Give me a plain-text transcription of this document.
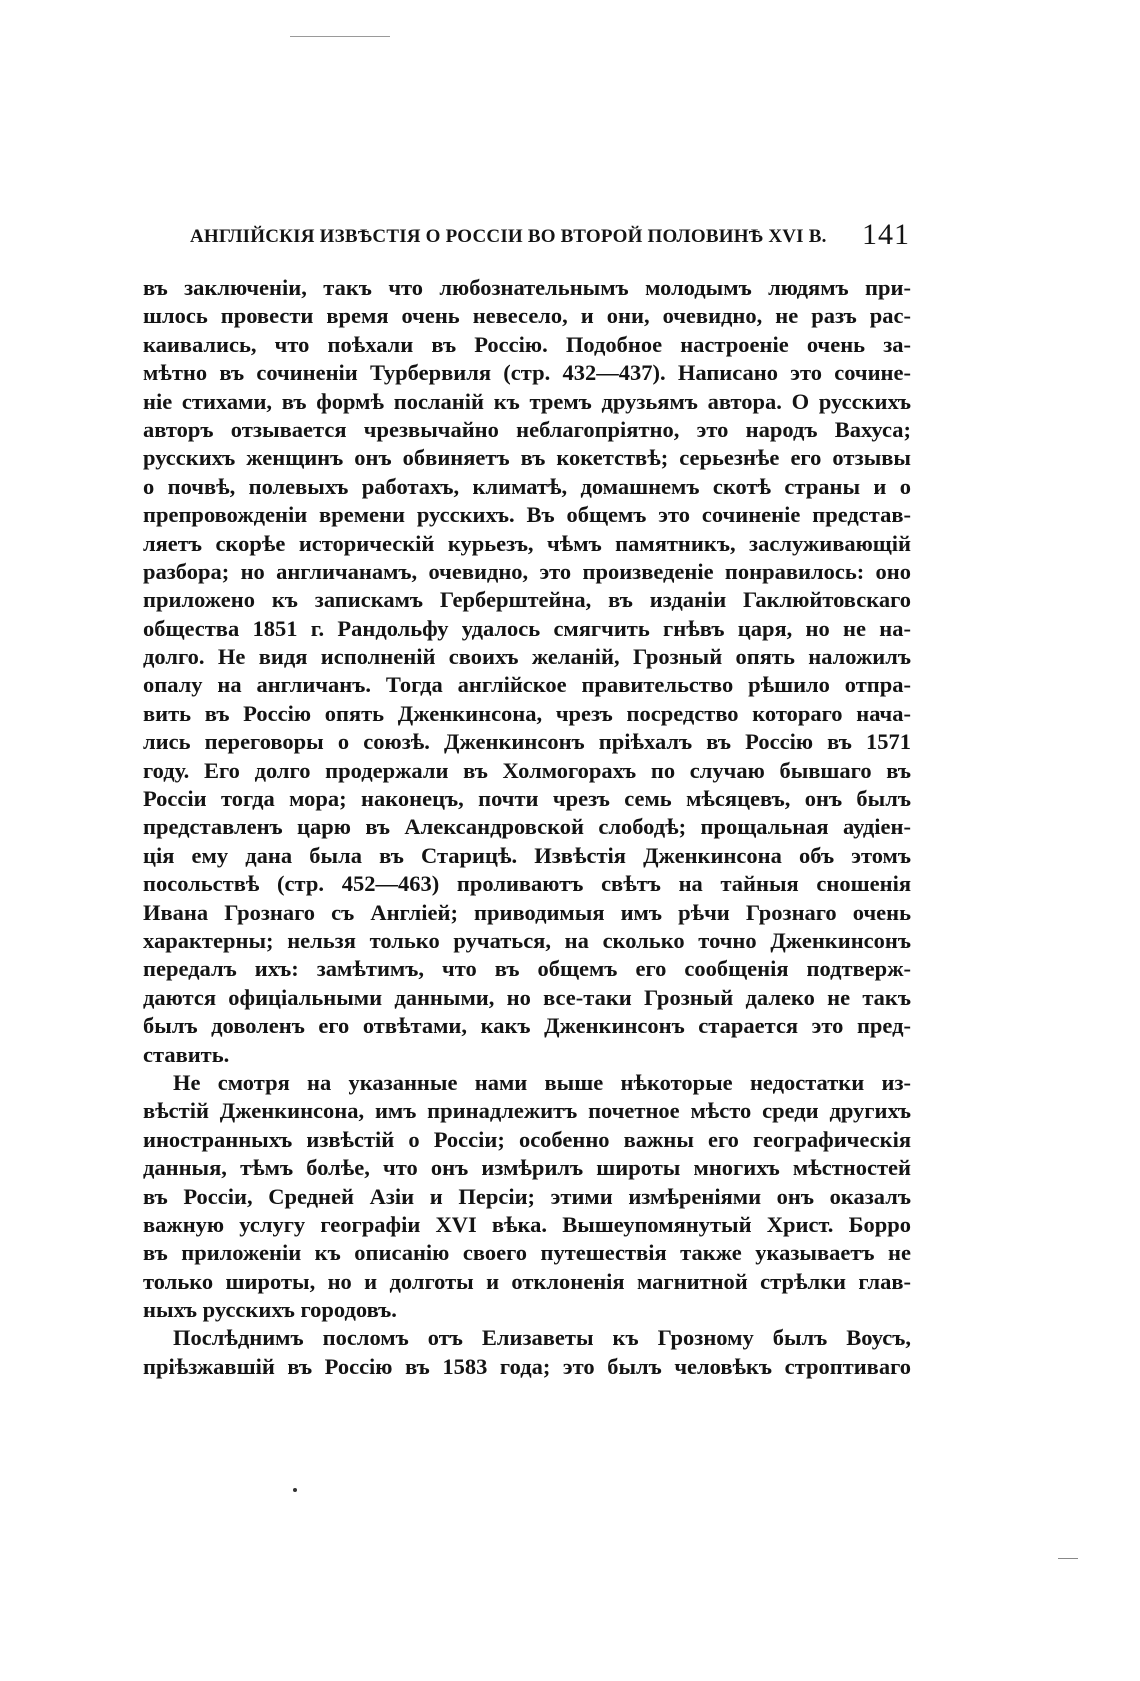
АНГЛІЙСКІЯ ИЗВѢСТІЯ О РОССІИ ВО ВТОРОЙ ПОЛОВИНѢ XVI В. 141
въ заключеніи, такъ что любознательнымъ молодымъ людямъ при-
шлось провести время очень невесело, и они, очевидно, не разъ рас-
каивались, что поѣхали въ Россію. Подобное настроеніе очень за-
мѣтно въ сочиненіи Турбервиля (стр. 432—437). Написано это сочине-
ніе стихами, въ формѣ посланій къ тремъ друзьямъ автора. О русскихъ
авторъ отзывается чрезвычайно неблагопріятно, это народъ Вахуса;
русскихъ женщинъ онъ обвиняетъ въ кокетствѣ; серьезнѣе его отзывы
о почвѣ, полевыхъ работахъ, климатѣ, домашнемъ скотѣ страны и о
препровожденіи времени русскихъ. Въ общемъ это сочиненіе представ-
ляетъ скорѣе историческій курьезъ, чѣмъ памятникъ, заслуживающій
разбора; но англичанамъ, очевидно, это произведеніе понравилось: оно
приложено къ запискамъ Герберштейна, въ изданіи Гаклюйтовскаго
общества 1851 г. Рандольфу удалось смягчить гнѣвъ царя, но не на-
долго. Не видя исполненій своихъ желаній, Грозный опять наложилъ
опалу на англичанъ. Тогда англійское правительство рѣшило отпра-
вить въ Россію опять Дженкинсона, чрезъ посредство котораго нача-
лись переговоры о союзѣ. Дженкинсонъ пріѣхалъ въ Россію въ 1571
году. Его долго продержали въ Холмогорахъ по случаю бывшаго въ
Россіи тогда мора; наконецъ, почти чрезъ семь мѣсяцевъ, онъ былъ
представленъ царю въ Александровской слободѣ; прощальная аудіен-
ція ему дана была въ Старицѣ. Извѣстія Дженкинсона объ этомъ
посольствѣ (стр. 452—463) проливаютъ свѣтъ на тайныя сношенія
Ивана Грознаго съ Англіей; приводимыя имъ рѣчи Грознаго очень
характерны; нельзя только ручаться, на сколько точно Дженкинсонъ
передалъ ихъ: замѣтимъ, что въ общемъ его сообщенія подтверж-
даются офиціальными данными, но все-таки Грозный далеко не такъ
былъ доволенъ его отвѣтами, какъ Дженкинсонъ старается это пред-
ставить.
Не смотря на указанные нами выше нѣкоторые недостатки из-
вѣстій Дженкинсона, имъ принадлежитъ почетное мѣсто среди другихъ
иностранныхъ извѣстій о Россіи; особенно важны его географическія
данныя, тѣмъ болѣе, что онъ измѣрилъ широты многихъ мѣстностей
въ Россіи, Средней Азіи и Персіи; этими измѣреніями онъ оказалъ
важную услугу географіи XVI вѣка. Вышеупомянутый Христ. Борро
въ приложеніи къ описанію своего путешествія также указываетъ не
только широты, но и долготы и отклоненія магнитной стрѣлки глав-
ныхъ русскихъ городовъ.
Послѣднимъ посломъ отъ Елизаветы къ Грозному былъ Воусъ,
пріѣзжавшій въ Россію въ 1583 года; это былъ человѣкъ строптиваго
